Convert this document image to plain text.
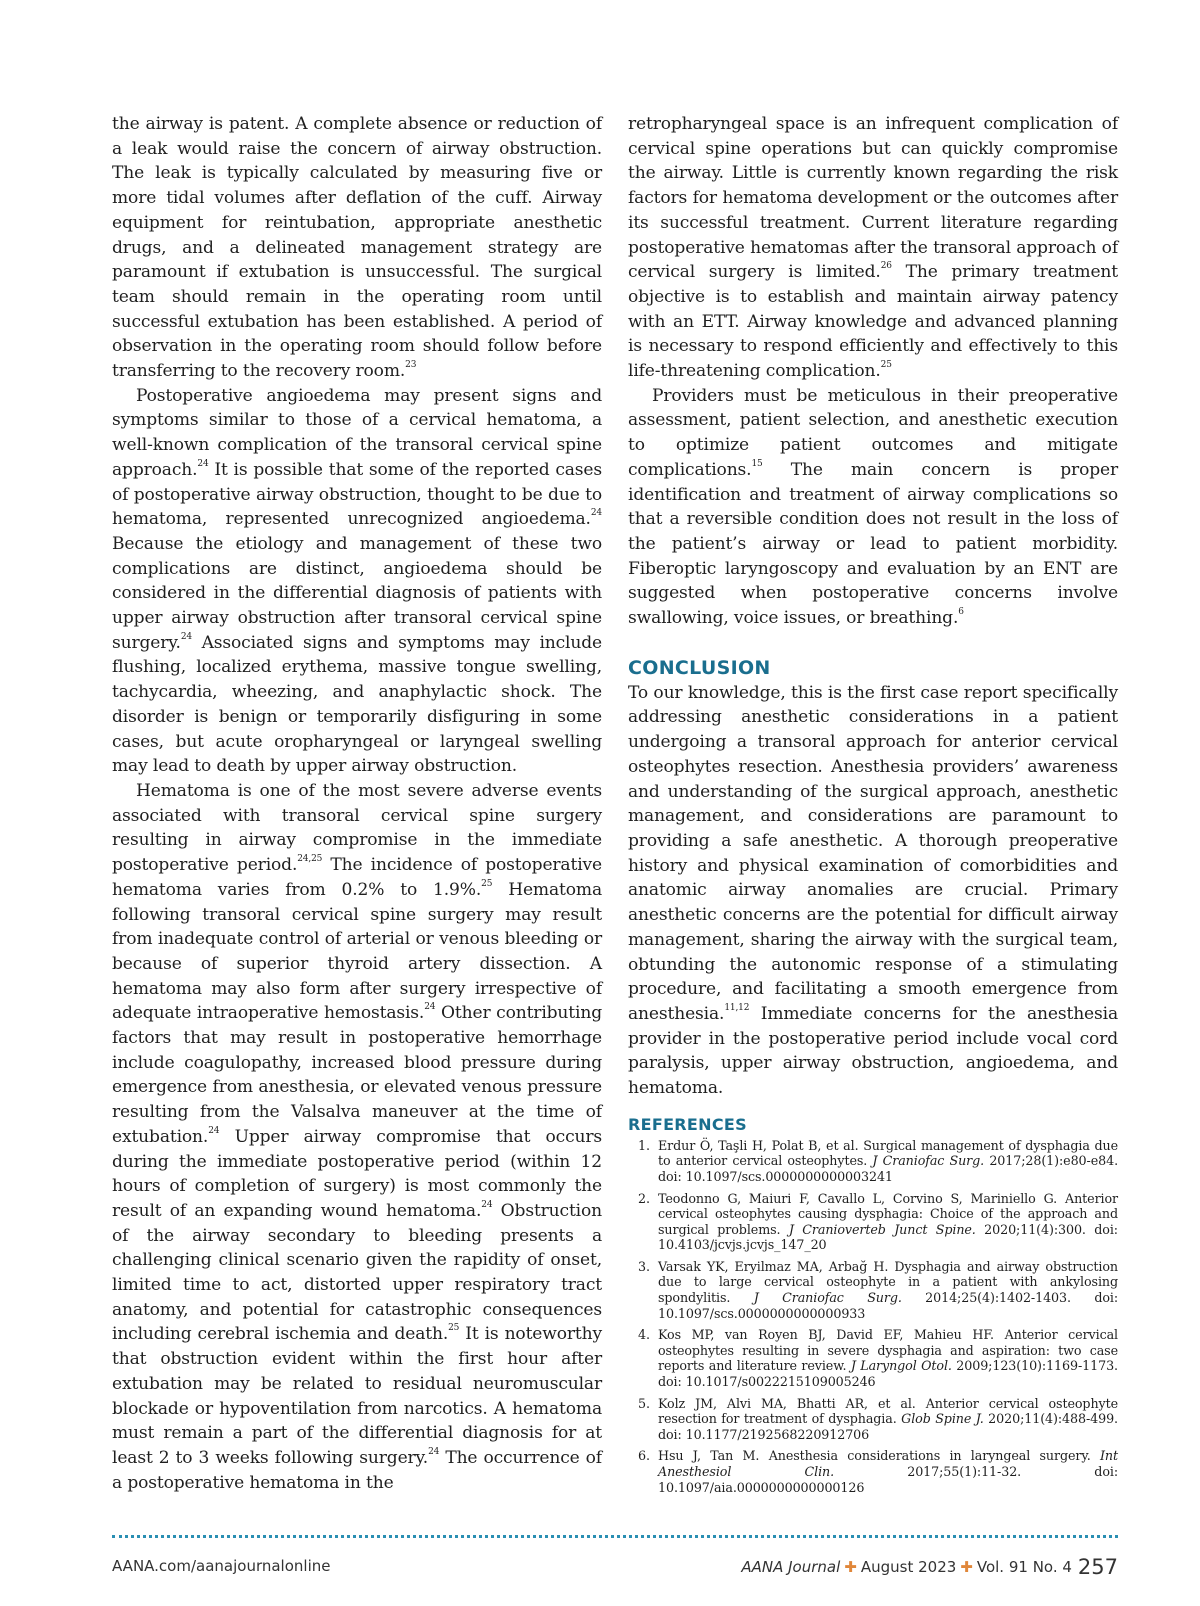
the airway is patent. A complete absence or reduction of a leak would raise the concern of airway obstruction. The leak is typically calculated by measuring five or more tidal volumes after deflation of the cuff. Airway equipment for reintubation, appropriate anesthetic drugs, and a delineated management strategy are paramount if extubation is unsuccessful. The surgical team should remain in the operating room until successful extubation has been established. A period of observation in the operating room should follow before transferring to the recovery room.$^{23}$

Postoperative angioedema may present signs and symptoms similar to those of a cervical hematoma, a well-known complication of the transoral cervical spine approach.$^{24}$ It is possible that some of the reported cases of postoperative airway obstruction, thought to be due to hematoma, represented unrecognized angioedema.$^{24}$ Because the etiology and management of these two complications are distinct, angioedema should be considered in the differential diagnosis of patients with upper airway obstruction after transoral cervical spine surgery.$^{24}$ Associated signs and symptoms may include flushing, localized erythema, massive tongue swelling, tachycardia, wheezing, and anaphylactic shock. The disorder is benign or temporarily disfiguring in some cases, but acute oropharyngeal or laryngeal swelling may lead to death by upper airway obstruction.

Hematoma is one of the most severe adverse events associated with transoral cervical spine surgery resulting in airway compromise in the immediate postoperative period.$^{24,25}$ The incidence of postoperative hematoma varies from 0.2% to 1.9%.$^{25}$ Hematoma following transoral cervical spine surgery may result from inadequate control of arterial or venous bleeding or because of superior thyroid artery dissection. A hematoma may also form after surgery irrespective of adequate intraoperative hemostasis.$^{24}$ Other contributing factors that may result in postoperative hemorrhage include coagulopathy, increased blood pressure during emergence from anesthesia, or elevated venous pressure resulting from the Valsalva maneuver at the time of extubation.$^{24}$ Upper airway compromise that occurs during the immediate postoperative period (within 12 hours of completion of surgery) is most commonly the result of an expanding wound hematoma.$^{24}$ Obstruction of the airway secondary to bleeding presents a challenging clinical scenario given the rapidity of onset, limited time to act, distorted upper respiratory tract anatomy, and potential for catastrophic consequences including cerebral ischemia and death.$^{25}$ It is noteworthy that obstruction evident within the first hour after extubation may be related to residual neuromuscular blockade or hypoventilation from narcotics. A hematoma must remain a part of the differential diagnosis for at least 2 to 3 weeks following surgery.$^{24}$ The occurrence of a postoperative hematoma in the

retropharyngeal space is an infrequent complication of cervical spine operations but can quickly compromise the airway. Little is currently known regarding the risk factors for hematoma development or the outcomes after its successful treatment. Current literature regarding postoperative hematomas after the transoral approach of cervical surgery is limited.$^{26}$ The primary treatment objective is to establish and maintain airway patency with an ETT. Airway knowledge and advanced planning is necessary to respond efficiently and effectively to this life-threatening complication.$^{25}$

Providers must be meticulous in their preoperative assessment, patient selection, and anesthetic execution to optimize patient outcomes and mitigate complications.$^{15}$ The main concern is proper identification and treatment of airway complications so that a reversible condition does not result in the loss of the patient’s airway or lead to patient morbidity. Fiberoptic laryngoscopy and evaluation by an ENT are suggested when postoperative concerns involve swallowing, voice issues, or breathing.$^6$

CONCLUSION

To our knowledge, this is the first case report specifically addressing anesthetic considerations in a patient undergoing a transoral approach for anterior cervical osteophytes resection. Anesthesia providers’ awareness and understanding of the surgical approach, anesthetic management, and considerations are paramount to providing a safe anesthetic. A thorough preoperative history and physical examination of comorbidities and anatomic airway anomalies are crucial. Primary anesthetic concerns are the potential for difficult airway management, sharing the airway with the surgical team, obtunding the autonomic response of a stimulating procedure, and facilitating a smooth emergence from anesthesia.$^{11,12}$ Immediate concerns for the anesthesia provider in the postoperative period include vocal cord paralysis, upper airway obstruction, angioedema, and hematoma.

REFERENCES
1. Erdur Ö, Taşli H, Polat B, et al. Surgical management of dysphagia due to anterior cervical osteophytes. J Craniofac Surg. 2017;28(1):e80-e84. doi: 10.1097/scs.0000000000003241
2. Teodonno G, Maiuri F, Cavallo L, Corvino S, Mariniello G. Anterior cervical osteophytes causing dysphagia: Choice of the approach and surgical problems. J Craniovertеb Junct Spine. 2020;11(4):300. doi: 10.4103/jcvjs.jcvjs_147_20
3. Varsak YK, Eryilmaz MA, Arbağ H. Dysphagia and airway obstruction due to large cervical osteophyte in a patient with ankylosing spondylitis. J Craniofac Surg. 2014;25(4):1402-1403. doi: 10.1097/scs.0000000000000933
4. Kos MP, van Royen BJ, David EF, Mahieu HF. Anterior cervical osteophytes resulting in severe dysphagia and aspiration: two case reports and literature review. J Laryngol Otol. 2009;123(10):1169-1173. doi: 10.1017/s0022215109005246
5. Kolz JM, Alvi MA, Bhatti AR, et al. Anterior cervical osteophyte resection for treatment of dysphagia. Glob Spine J. 2020;11(4):488-499. doi: 10.1177/2192568220912706
6. Hsu J, Tan M. Anesthesia considerations in laryngeal surgery. Int Anesthesiol Clin. 2017;55(1):11-32. doi: 10.1097/aia.0000000000000126
AANA.com/aanajournalonline	AANA Journal ✚ August 2023 ✚ Vol. 91 No. 4 257
